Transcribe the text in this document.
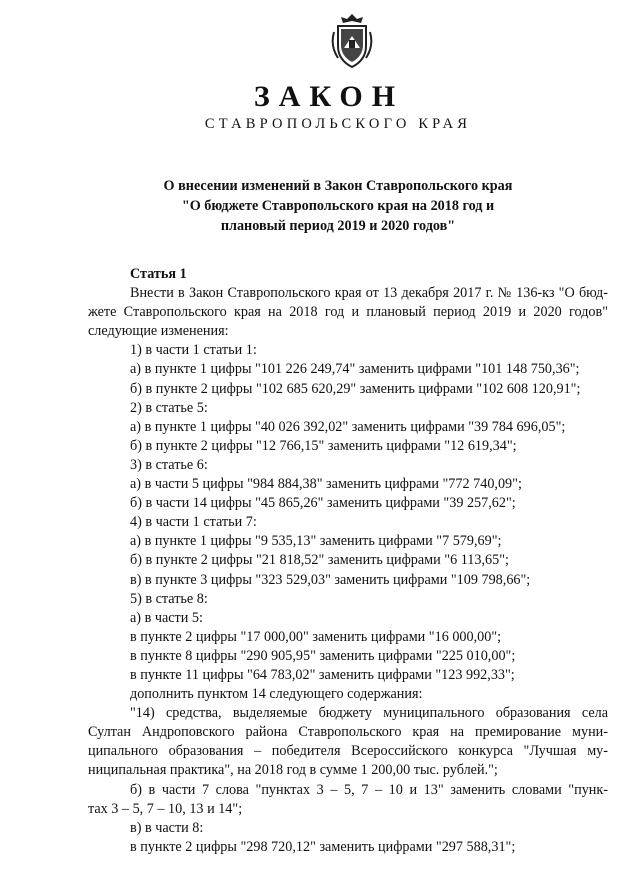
ЗАКОН
СТАВРОПОЛЬСКОГО КРАЯ
О внесении изменений в Закон Ставропольского края
"О бюджете Ставропольского края на 2018 год и
плановый период 2019 и 2020 годов"
Статья 1
Внести в Закон Ставропольского края от 13 декабря 2017 г. № 136-кз "О бюд-
жете Ставропольского края на 2018 год и плановый период 2019 и 2020 годов"
следующие изменения:
1) в части 1 статьи 1:
а) в пункте 1 цифры "101 226 249,74" заменить цифрами "101 148 750,36";
б) в пункте 2 цифры "102 685 620,29" заменить цифрами "102 608 120,91";
2) в статье 5:
а) в пункте 1 цифры "40 026 392,02" заменить цифрами "39 784 696,05";
б) в пункте 2 цифры "12 766,15" заменить цифрами "12 619,34";
3) в статье 6:
а) в части 5 цифры "984 884,38" заменить цифрами "772 740,09";
б) в части 14 цифры "45 865,26" заменить цифрами "39 257,62";
4) в части 1 статьи 7:
а) в пункте 1 цифры "9 535,13" заменить цифрами "7 579,69";
б) в пункте 2 цифры "21 818,52" заменить цифрами "6 113,65";
в) в пункте 3 цифры "323 529,03" заменить цифрами "109 798,66";
5) в статье 8:
а) в части 5:
в пункте 2 цифры "17 000,00" заменить цифрами "16 000,00";
в пункте 8 цифры "290 905,95" заменить цифрами "225 010,00";
в пункте 11 цифры "64 783,02" заменить цифрами "123 992,33";
дополнить пунктом 14 следующего содержания:
"14) средства, выделяемые бюджету муниципального образования села
Султан Андроповского района Ставропольского края на премирование муни-
ципального образования – победителя Всероссийского конкурса "Лучшая му-
ниципальная практика", на 2018 год в сумме 1 200,00 тыс. рублей.";
б) в части 7 слова "пунктах 3 – 5, 7 – 10 и 13" заменить словами "пунк-
тах 3 – 5, 7 – 10, 13 и 14";
в) в части 8:
в пункте 2 цифры "298 720,12" заменить цифрами "297 588,31";
